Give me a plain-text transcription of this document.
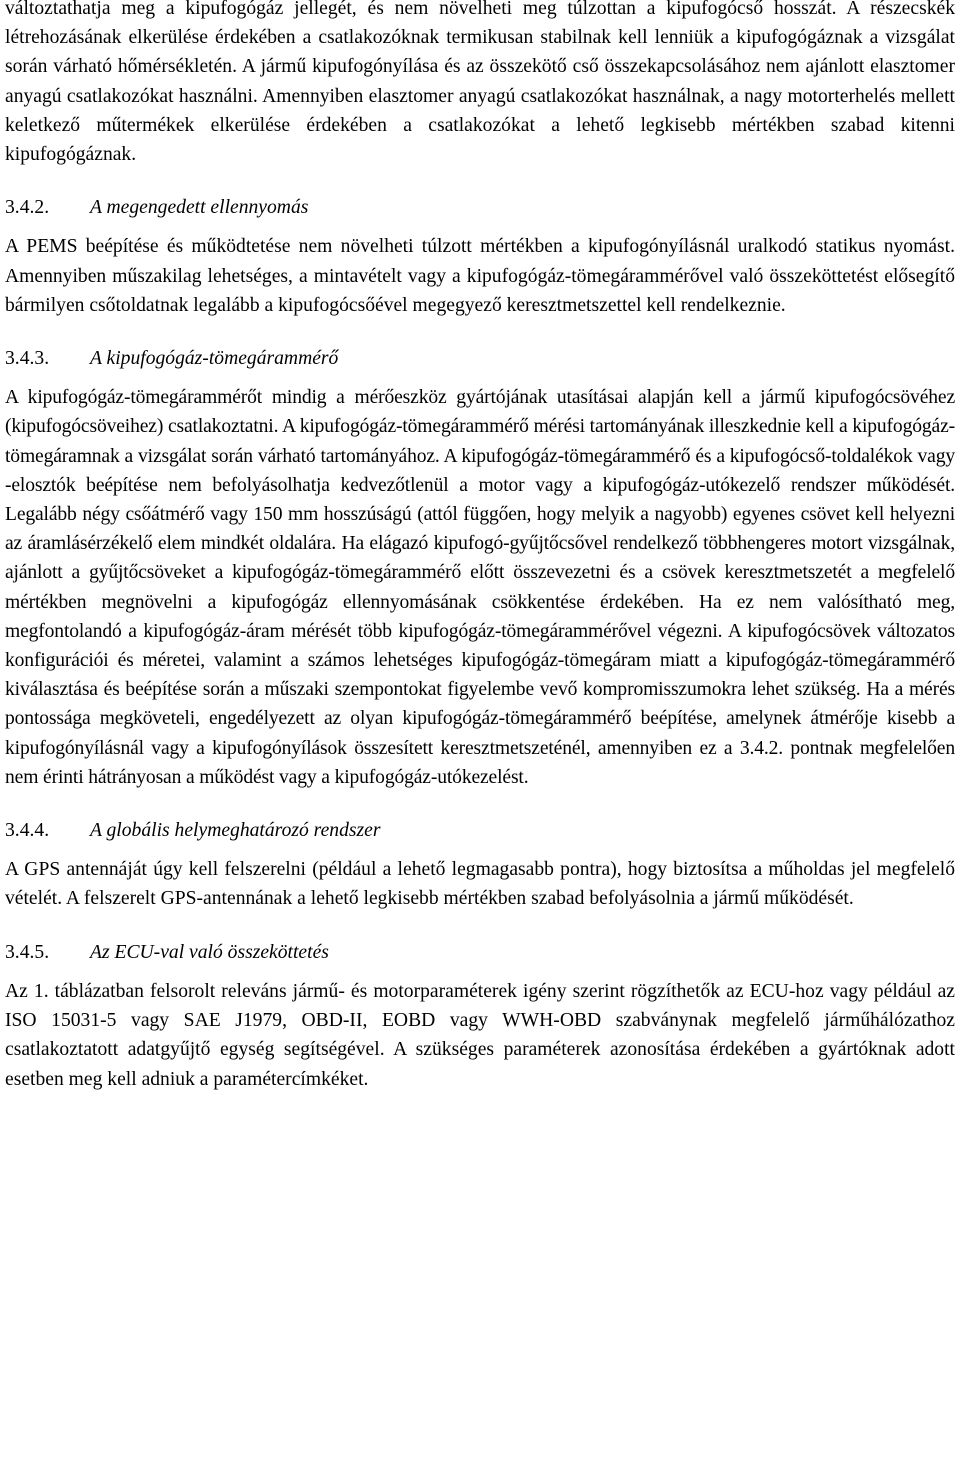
változtathatja meg a kipufogógáz jellegét, és nem növelheti meg túlzottan a kipufogócső hosszát. A részecskék létrehozásának elkerülése érdekében a csatlakozóknak termikusan stabilnak kell lenniük a kipufogógáznak a vizsgálat során várható hőmérsékletén. A jármű kipufogónyílása és az összekötő cső összekapcsolásához nem ajánlott elasztomer anyagú csatlakozókat használni. Amennyiben elasztomer anyagú csatlakozókat használnak, a nagy motorterhelés mellett keletkező műtermékek elkerülése érdekében a csatlakozókat a lehető legkisebb mértékben szabad kitenni kipufogógáznak.

3.4.2.	A megengedett ellennyomás

A PEMS beépítése és működtetése nem növelheti túlzott mértékben a kipufogónyílásnál uralkodó statikus nyomást. Amennyiben műszakilag lehetséges, a mintavételt vagy a kipufogógáz-tömegárammérővel való összeköttetést elősegítő bármilyen csőtoldatnak legalább a kipufogócsőével megegyező keresztmetszettel kell rendelkeznie.

3.4.3.	A kipufogógáz-tömegárammérő

A kipufogógáz-tömegárammérőt mindig a mérőeszköz gyártójának utasításai alapján kell a jármű kipufogócsövéhez (kipufogócsöveihez) csatlakoztatni. A kipufogógáz-tömegárammérő mérési tartományának illeszkednie kell a kipufogógáz-tömegáramnak a vizsgálat során várható tartományához. A kipufogógáz-tömegárammérő és a kipufogócső-toldalékok vagy -elosztók beépítése nem befolyásolhatja kedvezőtlenül a motor vagy a kipufogógáz-utókezelő rendszer működését. Legalább négy csőátmérő vagy 150 mm hosszúságú (attól függően, hogy melyik a nagyobb) egyenes csövet kell helyezni az áramlásérzékelő elem mindkét oldalára. Ha elágazó kipufogó-gyűjtőcsővel rendelkező többhengeres motort vizsgálnak, ajánlott a gyűjtőcsöveket a kipufogógáz-tömegárammérő előtt összevezetni és a csövek keresztmetszetét a megfelelő mértékben megnövelni a kipufogógáz ellennyomásának csökkentése érdekében. Ha ez nem valósítható meg, megfontolandó a kipufogógáz-áram mérését több kipufogógáz-tömegárammérővel végezni. A kipufogócsövek változatos konfigurációi és méretei, valamint a számos lehetséges kipufogógáz-tömegáram miatt a kipufogógáz-tömegárammérő kiválasztása és beépítése során a műszaki szempontokat figyelembe vevő kompromisszumokra lehet szükség. Ha a mérés pontossága megköveteli, engedélyezett az olyan kipufogógáz-tömegárammérő beépítése, amelynek átmérője kisebb a kipufogónyílásnál vagy a kipufogónyílások összesített keresztmetszeténél, amennyiben ez a 3.4.2. pontnak megfelelően nem érinti hátrányosan a működést vagy a kipufogógáz-utókezelést.

3.4.4.	A globális helymeghatározó rendszer

A GPS antennáját úgy kell felszerelni (például a lehető legmagasabb pontra), hogy biztosítsa a műholdas jel megfelelő vételét. A felszerelt GPS-antennának a lehető legkisebb mértékben szabad befolyásolnia a jármű működését.

3.4.5.	Az ECU-val való összeköttetés

Az 1. táblázatban felsorolt releváns jármű- és motorparaméterek igény szerint rögzíthetők az ECU-hoz vagy például az ISO 15031-5 vagy SAE J1979, OBD-II, EOBD vagy WWH-OBD szabványnak megfelelő járműhálózathoz csatlakoztatott adatgyűjtő egység segítségével. A szükséges paraméterek azonosítása érdekében a gyártóknak adott esetben meg kell adniuk a paramétercímkéket.
